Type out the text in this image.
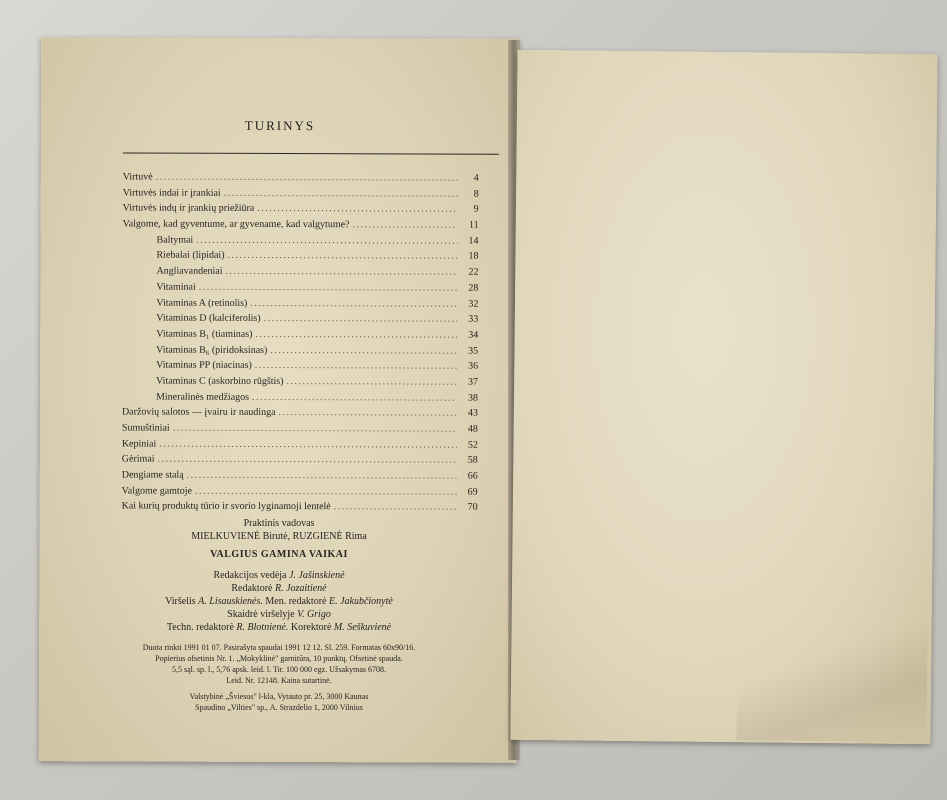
TURINYS
Virtuvė .....	4
Virtuvės indai ir įrankiai .....	8
Virtuvės indų ir įrankių priežiūra .....	9
Valgome, kad gyventume, ar gyvename, kad valgytume? .....	11
Baltymai .....	14
Riebalai (lipidai) .....	18
Angliavandeniai .....	22
Vitaminai .....	28
Vitaminas A (retinolis) .....	32
Vitaminas D (kalciferolis) .....	33
Vitaminas B₁ (tiaminas) .....	34
Vitaminas B₆ (piridoksinas) .....	35
Vitaminas PP (niacinas) .....	36
Vitaminas C (askorbino rūgštis) .....	37
Mineralinės medžiagos .....	38
Daržovių salotos — įvairu ir naudinga .....	43
Sumuštiniai .....	48
Kepiniai .....	52
Gėrimai .....	58
Dengiame stalą .....	66
Valgome gamtoje .....	69
Kai kurių produktų tūrio ir svorio lyginamoji lentelė .....	70
Praktinis vadovas
MIELKUVIENĖ Birutė, RUZGIENĖ Rima
VALGIUS GAMINA VAIKAI
Redakcijos vedėja J. Jašinskienė
Redaktorė R. Jozaitienė
Viršelis A. Lisauskienės. Men. redaktorė E. Jakubčionytė
Skaidrė viršelyje V. Grigo
Techn. redaktorė R. Blotnienė. Korektorė M. Seškuvienė
Duota rinkti 1991 01 07. Pasirašyta spaudai 1991 12 12. Sl. 259. Formatas 60x90/16.
Popierius ofsetinis Nr. 1. „Mokyklinė" garnitūra, 10 punktų. Ofsetinė spauda.
5,5 sąl. sp. l., 5,76 apsk. leid. l. Tir. 100 000 egz. Užsakymas 6708.
Leid. Nr. 12148. Kaina sutartinė.
Valstybinė „Šviesos" l-kla, Vytauto pr. 25, 3000 Kaunas
Spaudino „Vilties" sp., A. Strazdelio 1, 2000 Vilnius
